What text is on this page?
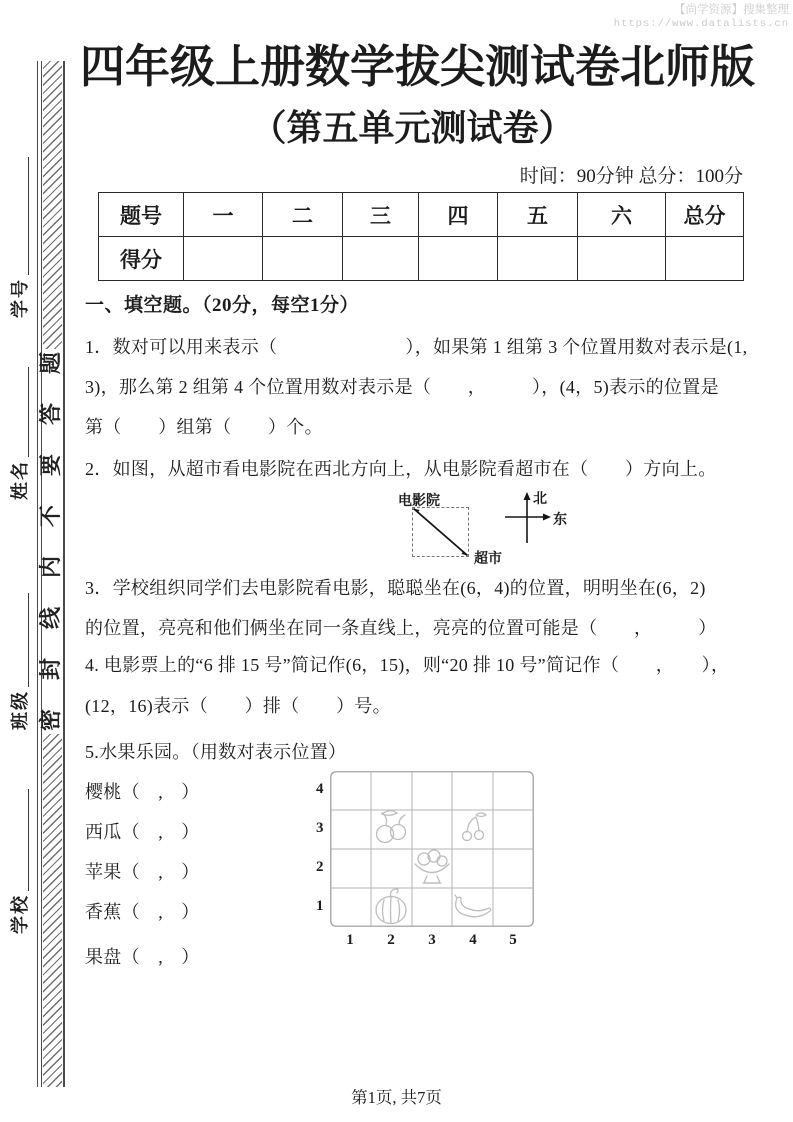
【尚学资源】搜集整理
https://www.datalists.cn
学号
姓名
班级
学校
题
答
要
不
内
线
封
密
四年级上册数学拔尖测试卷北师版
（第五单元测试卷）
时间：90分钟 总分：100分
题号	一	二	三	四	五	六	总分
得分							
一、填空题。（20分，每空1分）
1．数对可以用来表示（　　　　　　　），如果第 1 组第 3 个位置用数对表示是(1,
3)，那么第 2 组第 4 个位置用数对表示是（　　，　　　），(4，5)表示的位置是
第（　　）组第（　　）个。
2．如图，从超市看电影院在西北方向上，从电影院看超市在（　　）方向上。
电影院
超市
北
东
3．学校组织同学们去电影院看电影，聪聪坐在(6，4)的位置，明明坐在(6，2)
的位置，亮亮和他们俩坐在同一条直线上，亮亮的位置可能是（　　，　　　）
4. 电影票上的“6 排 15 号”简记作(6，15)，则“20 排 10 号”简记作（　　，　　），
(12，16)表示（　　）排（　　）号。
5.水果乐园。（用数对表示位置）
樱桃（　,　）
西瓜（　,　）
苹果（　,　）
香蕉（　,　）
果盘（　,　）
4
3
2
1
1	2	3	4	5
第1页, 共7页
